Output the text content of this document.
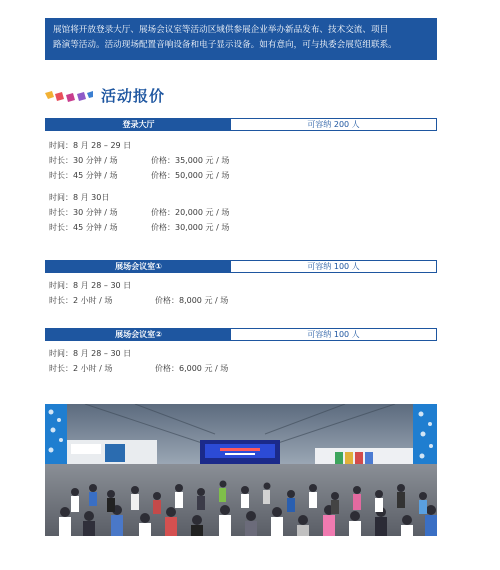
展馆将开放登录大厅、展场会议室等活动区域供参展企业举办新品发布、技术交流、项目
路演等活动。活动现场配置音响设备和电子显示设备。如有意向，可与执委会展览组联系。
活动报价
登录大厅	可容纳 200 人
时间：8 月 28 – 29 日
时长：30 分钟 / 场	价格：35,000 元 / 场
时长：45 分钟 / 场	价格：50,000 元 / 场
时间：8 月 30日
时长：30 分钟 / 场	价格：20,000 元 / 场
时长：45 分钟 / 场	价格：30,000 元 / 场
展场会议室①	可容纳 100 人
时间：8 月 28 – 30 日
时长：2 小时 / 场	价格：8,000 元 / 场
展场会议室②	可容纳 100 人
时间：8 月 28 – 30 日
时长：2 小时 / 场	价格：6,000 元 / 场
